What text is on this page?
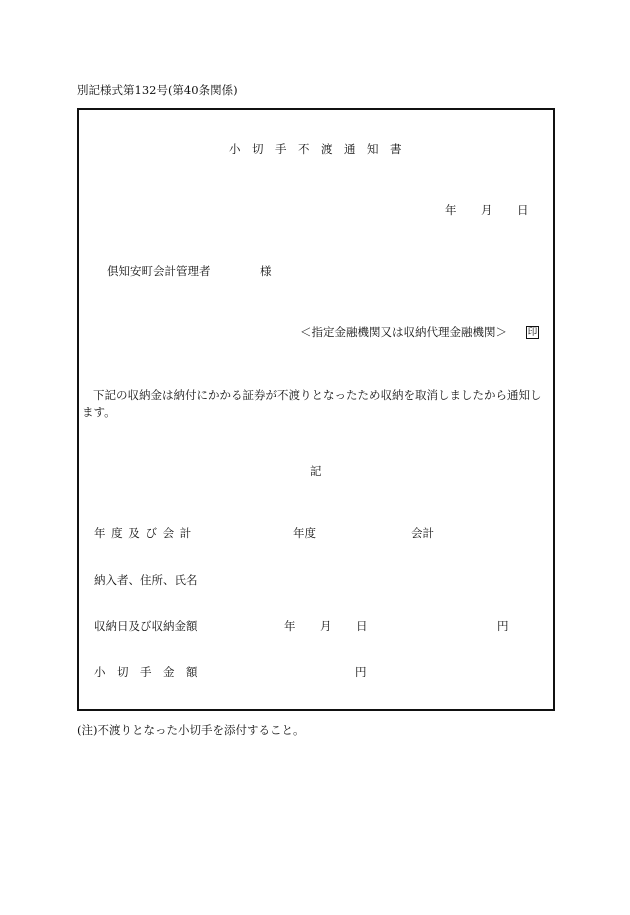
別記様式第132号(第40条関係)
小　切　手　不　渡　通　知　書
年 月 日
倶知安町会計管理者	様
＜指定金融機関又は収納代理金融機関＞ 印
下記の収納金は納付にかかる証券が不渡りとなったため収納を取消しましたから通知します。
記
年 度 及 び 会 計	年度	会計
納入者、住所、氏名
収納日及び収納金額	年 月 日	円
小　切　手　金　額	円
(注)不渡りとなった小切手を添付すること。
